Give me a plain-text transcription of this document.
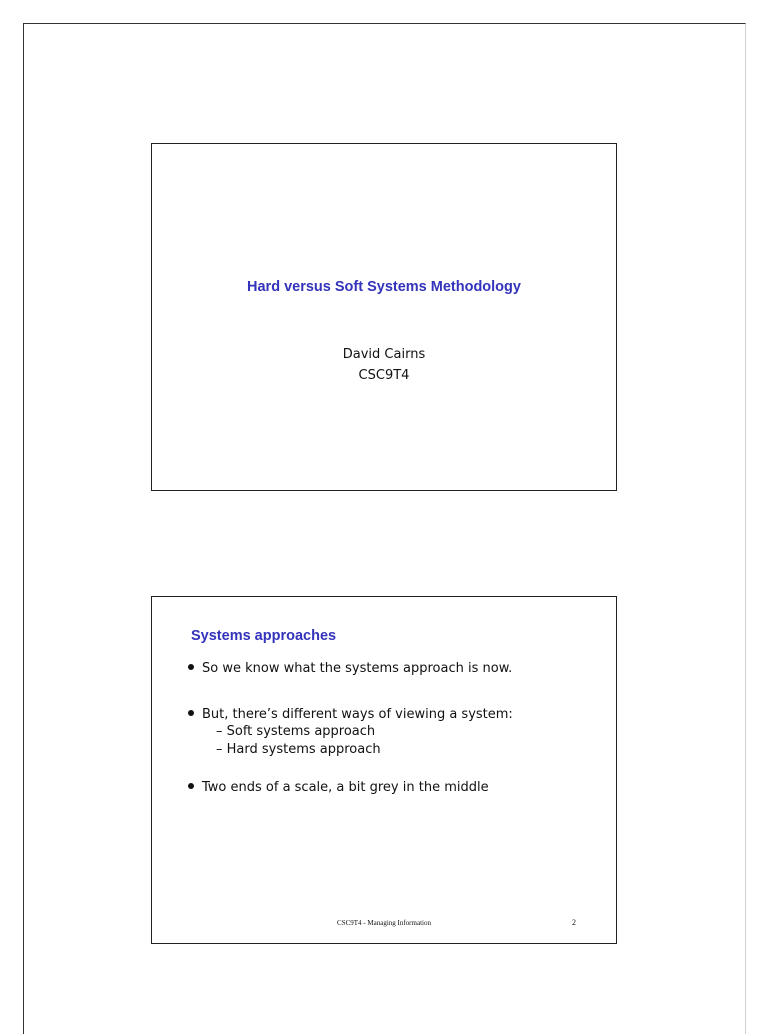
Hard versus Soft Systems Methodology
David Cairns
CSC9T4
Systems approaches
So we know what the systems approach is now.
But, there’s different ways of viewing a system:
– Soft systems approach
– Hard systems approach
Two ends of a scale, a bit grey in the middle
CSC9T4 - Managing Information	2
